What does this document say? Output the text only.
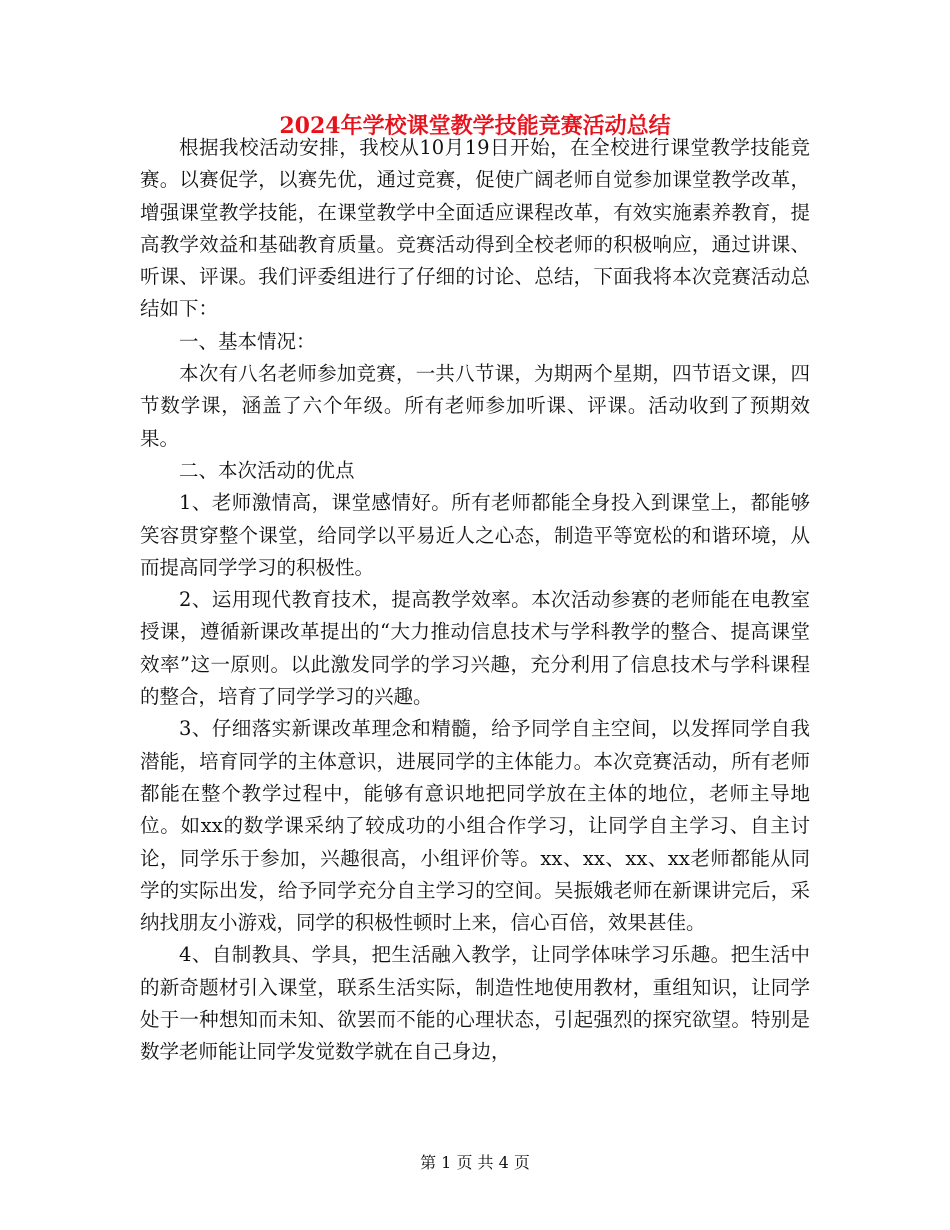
2024年学校课堂教学技能竞赛活动总结

根据我校活动安排，我校从10月19日开始，在全校进行课堂教学技能竞赛。以赛促学，以赛先优，通过竞赛，促使广阔老师自觉参加课堂教学改革，增强课堂教学技能，在课堂教学中全面适应课程改革，有效实施素养教育，提高教学效益和基础教育质量。竞赛活动得到全校老师的积极响应，通过讲课、听课、评课。我们评委组进行了仔细的讨论、总结，下面我将本次竞赛活动总结如下：

一、基本情况：

本次有八名老师参加竞赛，一共八节课，为期两个星期，四节语文课，四节数学课，涵盖了六个年级。所有老师参加听课、评课。活动收到了预期效果。

二、本次活动的优点

1、老师激情高，课堂感情好。所有老师都能全身投入到课堂上，都能够笑容贯穿整个课堂，给同学以平易近人之心态，制造平等宽松的和谐环境，从而提高同学学习的积极性。

2、运用现代教育技术，提高教学效率。本次活动参赛的老师能在电教室授课，遵循新课改革提出的“大力推动信息技术与学科教学的整合、提高课堂效率”这一原则。以此激发同学的学习兴趣，充分利用了信息技术与学科课程的整合，培育了同学学习的兴趣。

3、仔细落实新课改革理念和精髓，给予同学自主空间，以发挥同学自我潜能，培育同学的主体意识，进展同学的主体能力。本次竞赛活动，所有老师都能在整个教学过程中，能够有意识地把同学放在主体的地位，老师主导地位。如xx的数学课采纳了较成功的小组合作学习，让同学自主学习、自主讨论，同学乐于参加，兴趣很高，小组评价等。xx、xx、xx、xx老师都能从同学的实际出发，给予同学充分自主学习的空间。吴振娥老师在新课讲完后，采纳找朋友小游戏，同学的积极性顿时上来，信心百倍，效果甚佳。

4、自制教具、学具，把生活融入教学，让同学体味学习乐趣。把生活中的新奇题材引入课堂，联系生活实际，制造性地使用教材，重组知识，让同学处于一种想知而未知、欲罢而不能的心理状态，引起强烈的探究欲望。特别是数学老师能让同学发觉数学就在自己身边，

第 1 页 共 4 页
